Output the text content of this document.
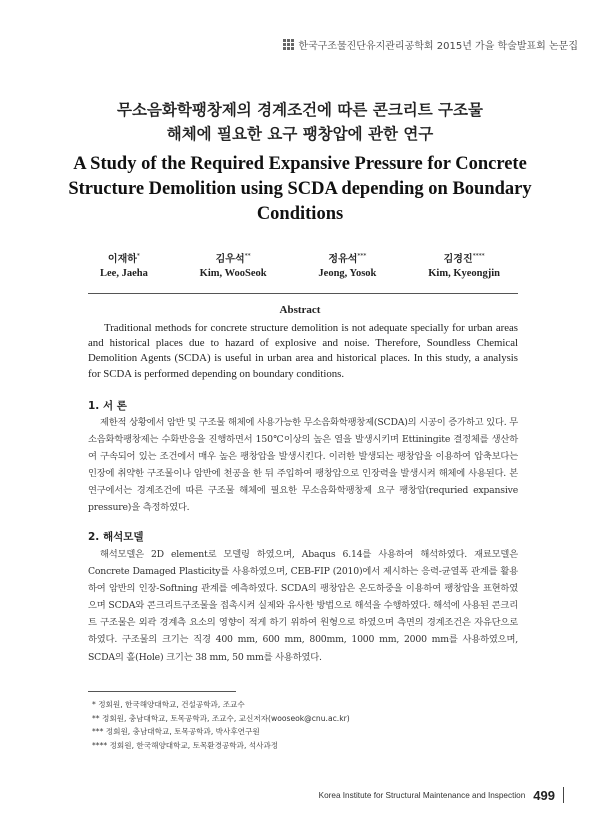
한국구조물진단유지관리공학회 2015년 가을 학술발표회 논문집
무소음화학팽창제의 경계조건에 따른 콘크리트 구조물
해체에 필요한 요구 팽창압에 관한 연구
A Study of the Required Expansive Pressure for Concrete
Structure Demolition using SCDA depending on Boundary
Conditions
이재하*
Lee, Jaeha
김우석**
Kim, WooSeok
정유석***
Jeong, Yosok
김경진****
Kim, Kyeongjin
Abstract
Traditional methods for concrete structure demolition is not adequate specially for urban areas and historical places due to hazard of explosive and noise. Therefore, Soundless Chemical Demolition Agents (SCDA) is useful in urban area and historical places. In this study, a analysis for SCDA is performed depending on boundary conditions.
1. 서 론
제한적 상황에서 암반 및 구조물 해체에 사용가능한 무소음화학팽창제(SCDA)의 시공이 증가하고 있다. 무소음화학팽창제는 수화반응을 진행하면서 150℃이상의 높은 열을 발생시키며 Ettiningite 결정체를 생산하여 구속되어 있는 조건에서 매우 높은 팽창압을 발생시킨다. 이러한 발생되는 팽창압을 이용하여 압축보다는 인장에 취약한 구조물이나 암반에 천공을 한 뒤 주입하여 팽창압으로 인장력을 발생시켜 해체에 사용된다. 본 연구에서는 경계조건에 따른 구조물 해체에 필요한 무소음화학팽창제 요구 팽창압(requried expansive pressure)을 측정하였다.
2. 해석모델
해석모델은 2D element로 모델링 하였으며, Abaqus 6.14를 사용하여 해석하였다. 재료모델은 Concrete Damaged Plasticity를 사용하였으며, CEB-FIP (2010)에서 제시하는 응력-균열폭 관계를 활용하여 암반의 인장-Softning 관계를 예측하였다. SCDA의 팽창압은 온도하중을 이용하여 팽창압을 표현하였으며 SCDA와 콘크리트구조물을 접촉시켜 실제와 유사한 방법으로 해석을 수행하였다. 해석에 사용된 콘크리트 구조물은 외곽 경계측 요소의 영향이 적게 하기 위하여 원형으로 하였으며 측면의 경계조건은 자유단으로 하였다. 구조물의 크기는 직경 400 mm, 600 mm, 800mm, 1000 mm, 2000 mm를 사용하였으며, SCDA의 홀(Hole) 크기는 38 mm, 50 mm를 사용하였다.
* 정회원, 한국해양대학교, 건설공학과, 조교수
** 정회원, 충남대학교, 토목공학과, 조교수, 교신저자(wooseok@cnu.ac.kr)
*** 정회원, 충남대학교, 토목공학과, 박사후연구원
**** 정회원, 한국해양대학교, 토목환경공학과, 석사과정
Korea Institute for Structural Maintenance and Inspection 499
